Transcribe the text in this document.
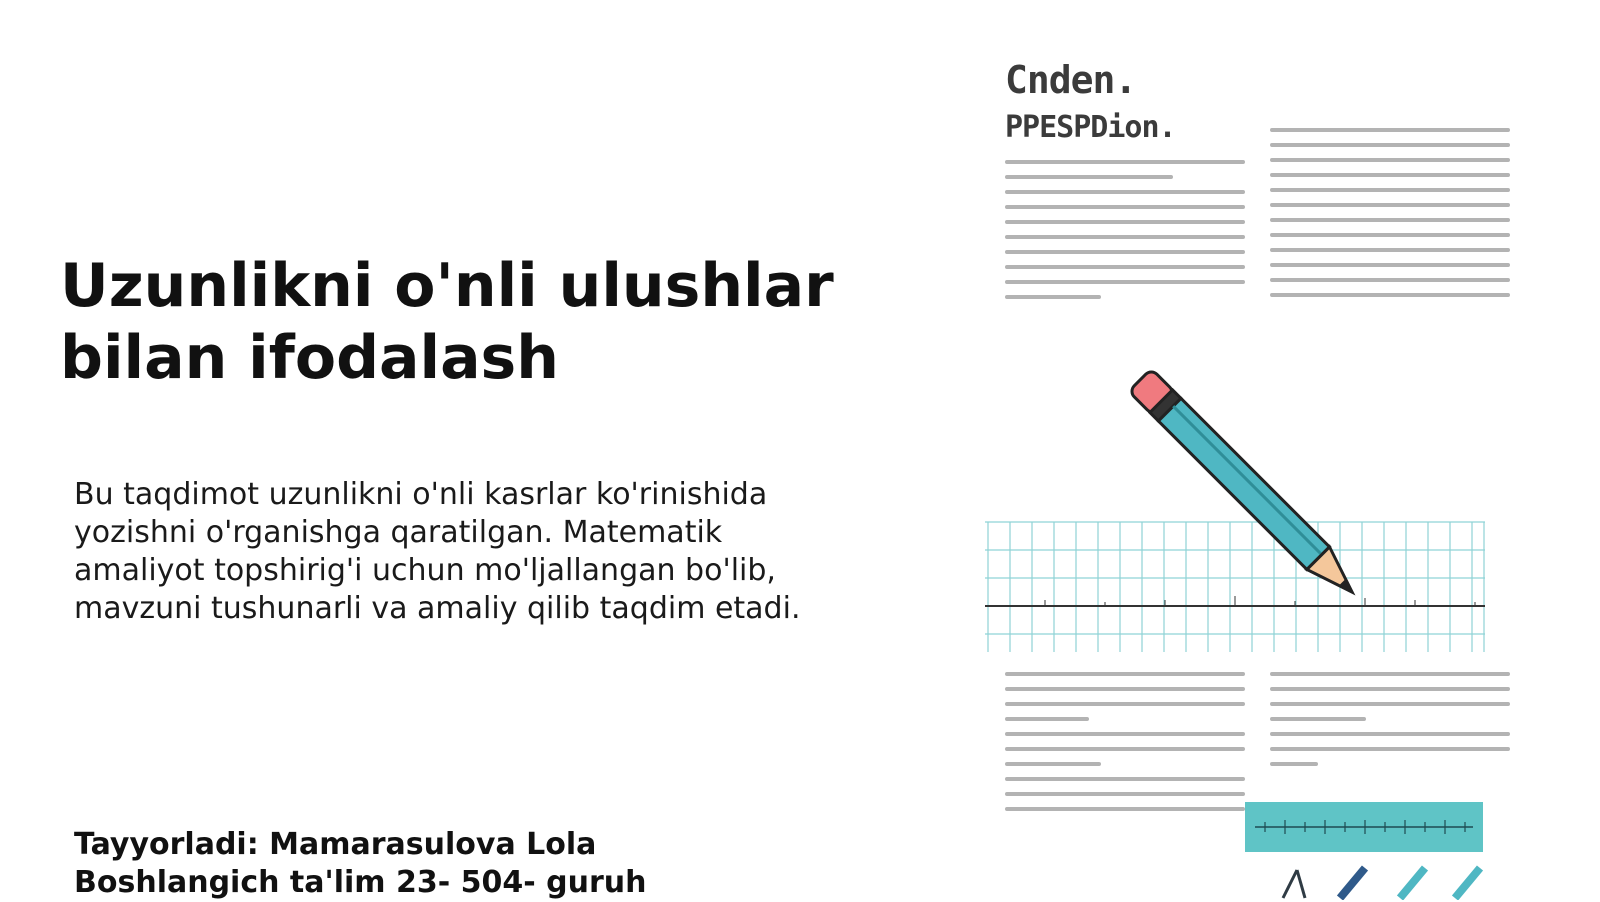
Uzunlikni o'nli ulushlar
bilan ifodalash

Bu taqdimot uzunlikni o'nli kasrlar ko'rinishida yozishni o'rganishga qaratilgan. Matematik amaliyot topshirig'i uchun mo'ljallangan bo'lib, mavzuni tushunarli va amaliy qilib taqdim etadi.

Tayyorladi: Mamarasulova Lola
Boshlangich ta'lim 23- 504- guruh
Cnden.
PPESPDion.
